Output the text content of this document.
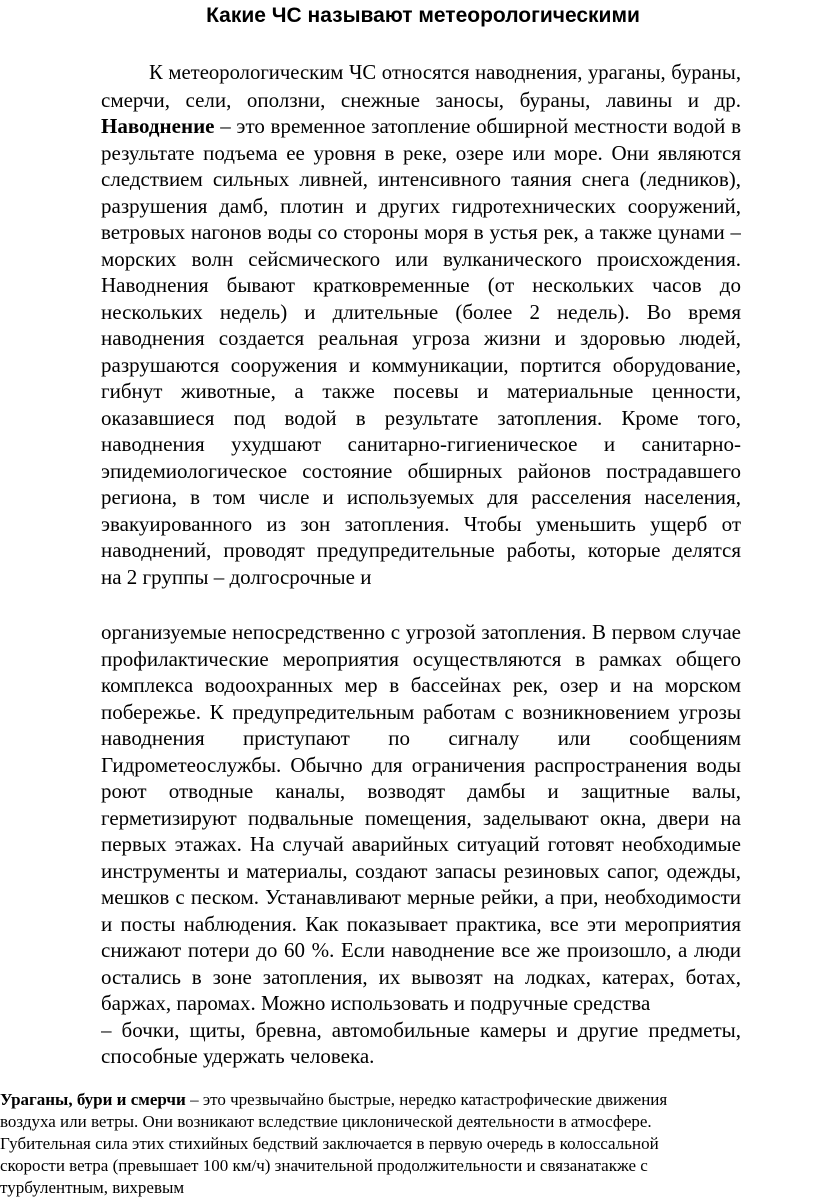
Какие ЧС называют метеорологическими
К метеорологическим ЧС относятся наводнения, ураганы, бураны,
смерчи, сели, оползни, снежные заносы, бураны, лавины и др.
Наводнение – это временное затопление обширной местности водой в
результате подъема ее уровня в реке, озере или море. Они являются
следствием сильных ливней, интенсивного таяния снега (ледников),
разрушения дамб, плотин и других гидротехнических сооружений,
ветровых нагонов воды со стороны моря в устья рек, а также цунами –
морских волн сейсмического или вулканического происхождения.
Наводнения бывают кратковременные (от нескольких часов до
нескольких недель) и длительные (более 2 недель). Во время
наводнения создается реальная угроза жизни и здоровью людей,
разрушаются сооружения и коммуникации, портится оборудование,
гибнут животные, а также посевы и материальные ценности,
оказавшиеся под водой в результате затопления. Кроме того,
наводнения ухудшают санитарно-гигиеническое и санитарно-
эпидемиологическое состояние обширных районов пострадавшего
региона, в том числе и используемых для расселения населения,
эвакуированного из зон затопления. Чтобы уменьшить ущерб от
наводнений, проводят предупредительные работы, которые делятся
на 2 группы – долгосрочные и
организуемые непосредственно с угрозой затопления. В первом случае
профилактические мероприятия осуществляются в рамках общего
комплекса водоохранных мер в бассейнах рек, озер и на морском
побережье. К предупредительным работам с возникновением угрозы
наводнения приступают по сигналу или сообщениям
Гидрометеослужбы. Обычно для ограничения распространения воды
роют отводные каналы, возводят дамбы и защитные валы,
герметизируют подвальные помещения, заделывают окна, двери на
первых этажах. На случай аварийных ситуаций готовят необходимые
инструменты и материалы, создают запасы резиновых сапог, одежды,
мешков с песком. Устанавливают мерные рейки, а при, необходимости
и посты наблюдения. Как показывает практика, все эти мероприятия
снижают потери до 60 %. Если наводнение все же произошло, а люди
остались в зоне затопления, их вывозят на лодках, катерах, ботах,
баржах, паромах. Можно использовать и подручные средства
– бочки, щиты, бревна, автомобильные камеры и другие предметы,
способные удержать человека.
Ураганы, бури и смерчи – это чрезвычайно быстрые, нередко катастрофические движения
воздуха или ветры. Они возникают вследствие циклонической деятельности в атмосфере.
Губительная сила этих стихийных бедствий заключается в первую очередь в колоссальной
скорости ветра (превышает 100 км/ч) значительной продолжительности и связанатакже с
турбулентным, вихревым
